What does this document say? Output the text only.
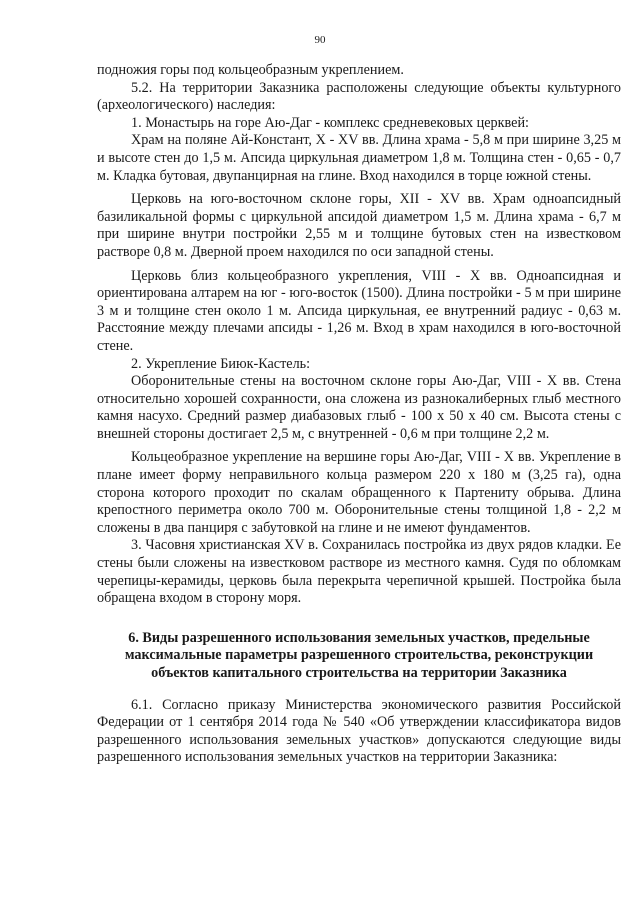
90

подножия горы под кольцеобразным укреплением.

5.2. На территории Заказника расположены следующие объекты культурного (археологического) наследия:

1. Монастырь на горе Аю-Даг - комплекс средневековых церквей:

Храм на поляне Ай-Констант, X - XV вв. Длина храма - 5,8 м при ширине 3,25 м и высоте стен до 1,5 м. Апсида циркульная диаметром 1,8 м. Толщина стен - 0,65 - 0,7 м. Кладка бутовая, двупанцирная на глине. Вход находился в торце южной стены.

Церковь на юго-восточном склоне горы, XII - XV вв. Храм одноапсидный базиликальной формы с циркульной апсидой диаметром 1,5 м. Длина храма - 6,7 м при ширине внутри постройки 2,55 м и толщине бутовых стен на известковом растворе 0,8 м. Дверной проем находился по оси западной стены.

Церковь близ кольцеобразного укрепления, VIII - X вв. Одноапсидная и ориентирована алтарем на юг - юго-восток (1500). Длина постройки - 5 м при ширине 3 м и толщине стен около 1 м. Апсида циркульная, ее внутренний радиус - 0,63 м. Расстояние между плечами апсиды - 1,26 м. Вход в храм находился в юго-восточной стене.

2. Укрепление Биюк-Кастель:

Оборонительные стены на восточном склоне горы Аю-Даг, VIII - X вв. Стена относительно хорошей сохранности, она сложена из разнокалиберных глыб местного камня насухо. Средний размер диабазовых глыб - 100 x 50 x 40 см. Высота стены с внешней стороны достигает 2,5 м, с внутренней - 0,6 м при толщине 2,2 м.

Кольцеобразное укрепление на вершине горы Аю-Даг, VIII - X вв. Укрепление в плане имеет форму неправильного кольца размером 220 x 180 м (3,25 га), одна сторона которого проходит по скалам обращенного к Партениту обрыва. Длина крепостного периметра около 700 м. Оборонительные стены толщиной 1,8 - 2,2 м сложены в два панциря с забутовкой на глине и не имеют фундаментов.

3. Часовня христианская XV в. Сохранилась постройка из двух рядов кладки. Ее стены были сложены на известковом растворе из местного камня. Судя по обломкам черепицы-керамиды, церковь была перекрыта черепичной крышей. Постройка была обращена входом в сторону моря.

6. Виды разрешенного использования земельных участков, предельные максимальные параметры разрешенного строительства, реконструкции объектов капитального строительства на территории Заказника

6.1. Согласно приказу Министерства экономического развития Российской Федерации от 1 сентября 2014 года № 540 «Об утверждении классификатора видов разрешенного использования земельных участков» допускаются следующие виды разрешенного использования земельных участков на территории Заказника:
